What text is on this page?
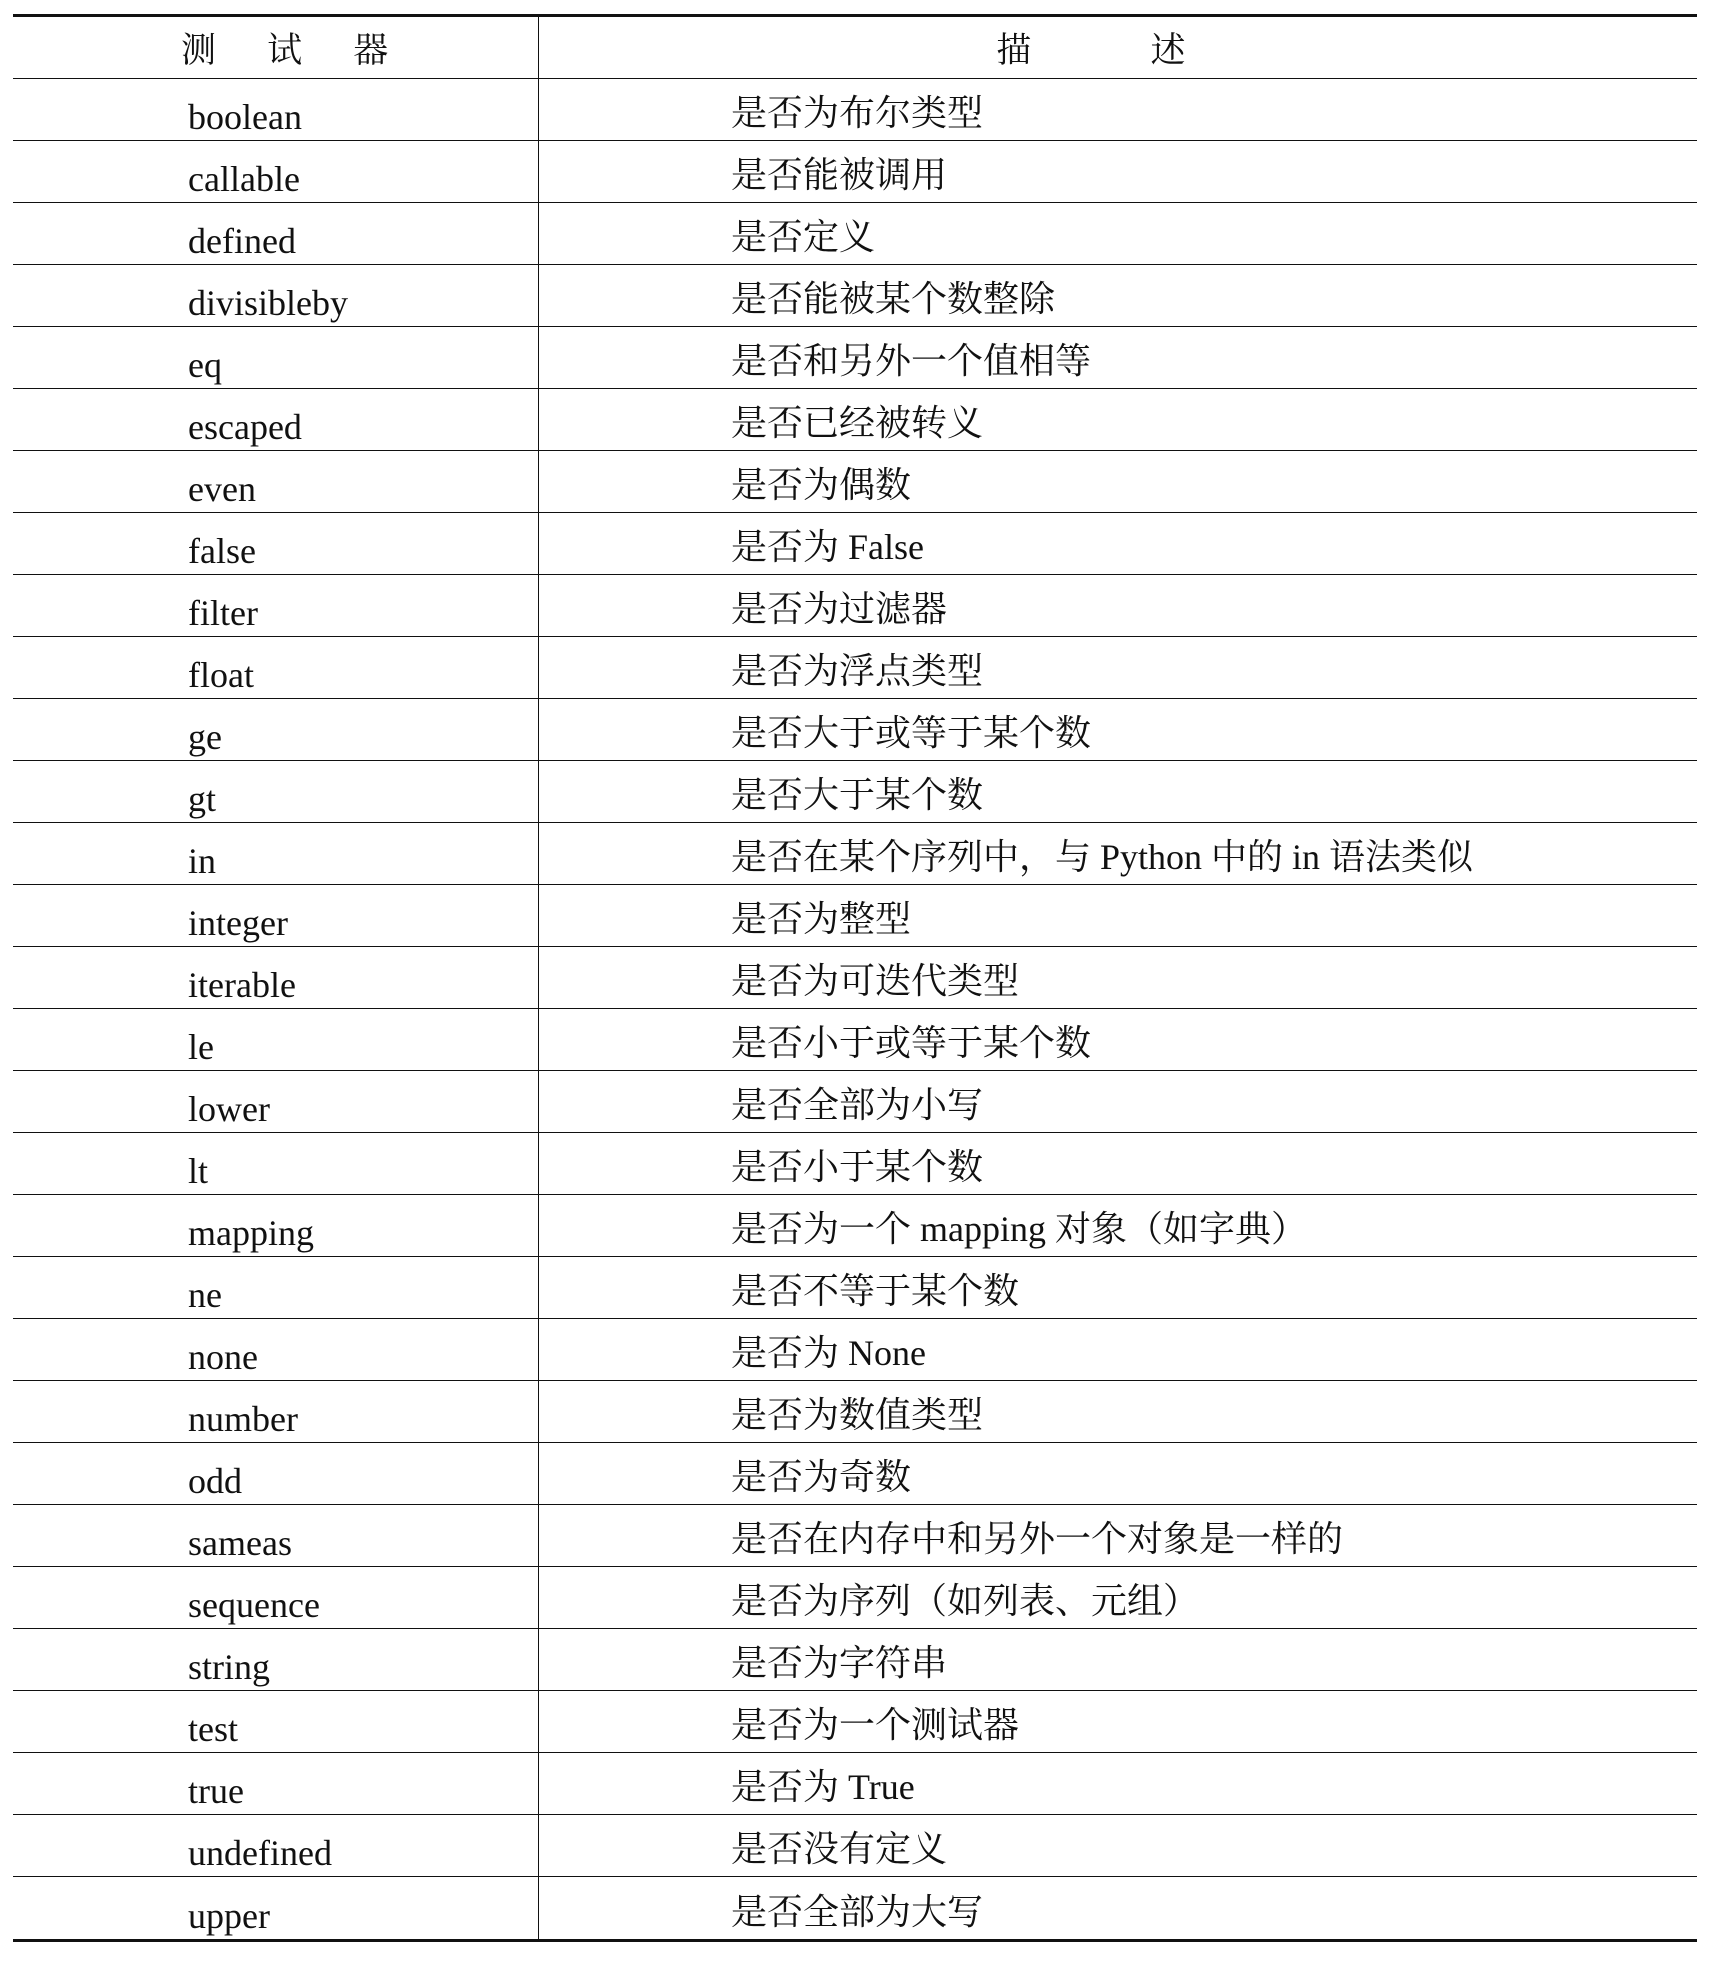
测 试 器	描 述
boolean	是否为布尔类型
callable	是否能被调用
defined	是否定义
divisibleby	是否能被某个数整除
eq	是否和另外一个值相等
escaped	是否已经被转义
even	是否为偶数
false	是否为 False
filter	是否为过滤器
float	是否为浮点类型
ge	是否大于或等于某个数
gt	是否大于某个数
in	是否在某个序列中，与 Python 中的 in 语法类似
integer	是否为整型
iterable	是否为可迭代类型
le	是否小于或等于某个数
lower	是否全部为小写
lt	是否小于某个数
mapping	是否为一个 mapping 对象（如字典）
ne	是否不等于某个数
none	是否为 None
number	是否为数值类型
odd	是否为奇数
sameas	是否在内存中和另外一个对象是一样的
sequence	是否为序列（如列表、元组）
string	是否为字符串
test	是否为一个测试器
true	是否为 True
undefined	是否没有定义
upper	是否全部为大写
